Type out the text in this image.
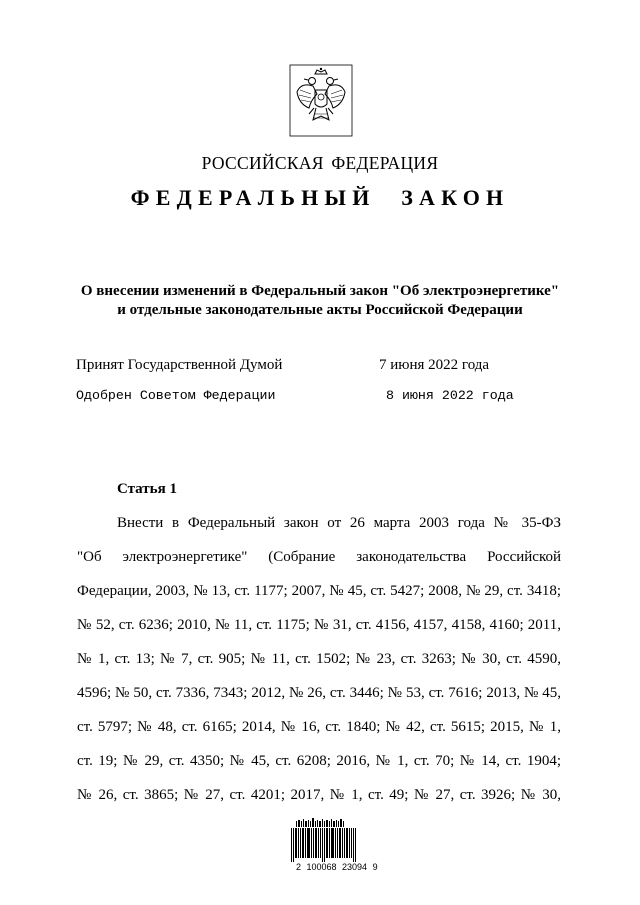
РОССИЙСКАЯ ФЕДЕРАЦИЯ
ФЕДЕРАЛЬНЫЙ ЗАКОН
О внесении изменений в Федеральный закон "Об электроэнергетике"
и отдельные законодательные акты Российской Федерации
Принят Государственной Думой	7 июня 2022 года
Одобрен Советом Федерации	8 июня 2022 года
Статья 1
Внести в Федеральный закон от 26 марта 2003 года № 35-ФЗ
"Об электроэнергетике" (Собрание законодательства Российской
Федерации, 2003, № 13, ст. 1177; 2007, № 45, ст. 5427; 2008, № 29, ст. 3418;
№ 52, ст. 6236; 2010, № 11, ст. 1175; № 31, ст. 4156, 4157, 4158, 4160; 2011,
№ 1, ст. 13; № 7, ст. 905; № 11, ст. 1502; № 23, ст. 3263; № 30, ст. 4590,
4596; № 50, ст. 7336, 7343; 2012, № 26, ст. 3446; № 53, ст. 7616; 2013, № 45,
ст. 5797; № 48, ст. 6165; 2014, № 16, ст. 1840; № 42, ст. 5615; 2015, № 1,
ст. 19; № 29, ст. 4350; № 45, ст. 6208; 2016, № 1, ст. 70; № 14, ст. 1904;
№ 26, ст. 3865; № 27, ст. 4201; 2017, № 1, ст. 49; № 27, ст. 3926; № 30,
2 100068 23094 9
